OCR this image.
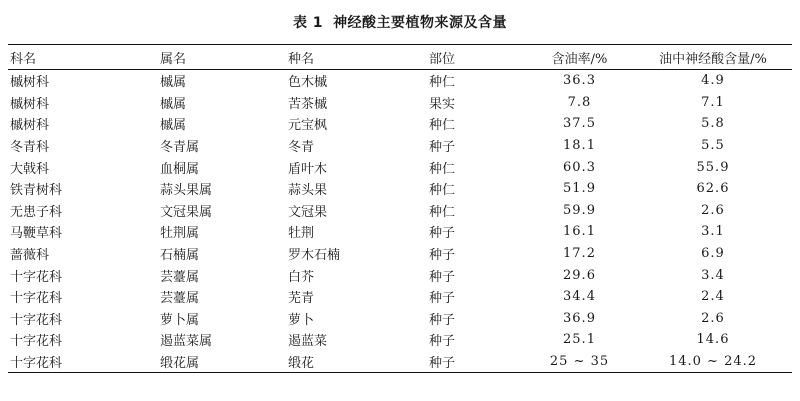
表 1 神经酸主要植物来源及含量
科名	属名	种名	部位	含油率/%	油中神经酸含量/%
槭树科	槭属	色木槭	种仁	36.3	4.9
槭树科	槭属	苦茶槭	果实	7.8	7.1
槭树科	槭属	元宝枫	种仁	37.5	5.8
冬青科	冬青属	冬青	种子	18.1	5.5
大戟科	血桐属	盾叶木	种仁	60.3	55.9
铁青树科	蒜头果属	蒜头果	种仁	51.9	62.6
无患子科	文冠果属	文冠果	种仁	59.9	2.6
马鞭草科	牡荆属	牡荆	种子	16.1	3.1
蔷薇科	石楠属	罗木石楠	种子	17.2	6.9
十字花科	芸薹属	白芥	种子	29.6	3.4
十字花科	芸薹属	芜青	种子	34.4	2.4
十字花科	萝卜属	萝卜	种子	36.9	2.6
十字花科	遏蓝菜属	遏蓝菜	种子	25.1	14.6
十字花科	缎花属	缎花	种子	25 ~ 35	14.0 ~ 24.2
